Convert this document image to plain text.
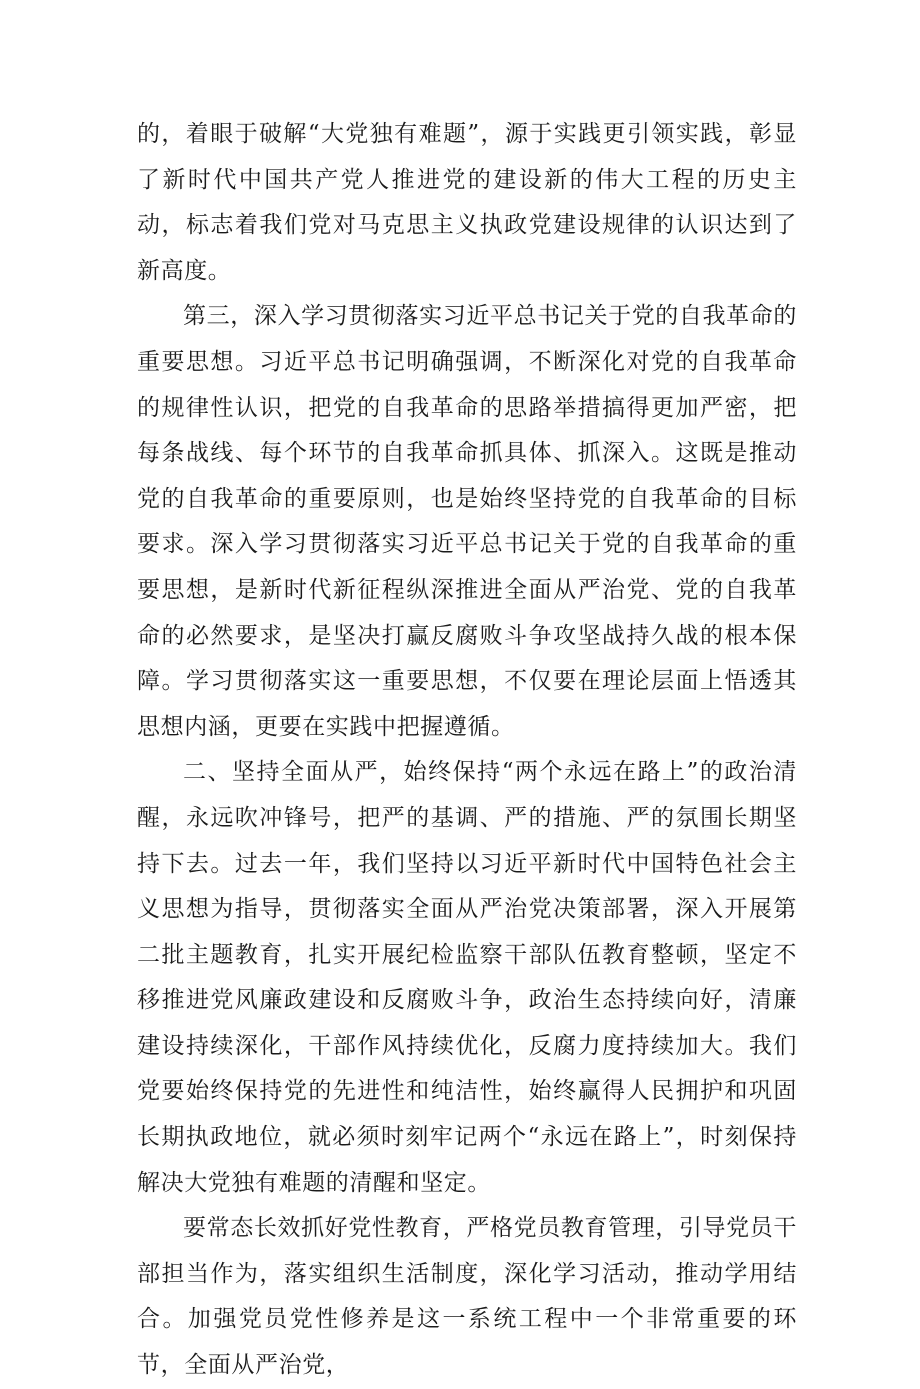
的，着眼于破解“大党独有难题”，源于实践更引领实践，彰显了新时代中国共产党人推进党的建设新的伟大工程的历史主动，标志着我们党对马克思主义执政党建设规律的认识达到了新高度。

第三，深入学习贯彻落实习近平总书记关于党的自我革命的重要思想。习近平总书记明确强调，不断深化对党的自我革命的规律性认识，把党的自我革命的思路举措搞得更加严密，把每条战线、每个环节的自我革命抓具体、抓深入。这既是推动党的自我革命的重要原则，也是始终坚持党的自我革命的目标要求。深入学习贯彻落实习近平总书记关于党的自我革命的重要思想，是新时代新征程纵深推进全面从严治党、党的自我革命的必然要求，是坚决打赢反腐败斗争攻坚战持久战的根本保障。学习贯彻落实这一重要思想，不仅要在理论层面上悟透其思想内涵，更要在实践中把握遵循。

二、坚持全面从严，始终保持“两个永远在路上”的政治清醒，永远吹冲锋号，把严的基调、严的措施、严的氛围长期坚持下去。过去一年，我们坚持以习近平新时代中国特色社会主义思想为指导，贯彻落实全面从严治党决策部署，深入开展第二批主题教育，扎实开展纪检监察干部队伍教育整顿，坚定不移推进党风廉政建设和反腐败斗争，政治生态持续向好，清廉建设持续深化，干部作风持续优化，反腐力度持续加大。我们党要始终保持党的先进性和纯洁性，始终赢得人民拥护和巩固长期执政地位，就必须时刻牢记两个“永远在路上”，时刻保持解决大党独有难题的清醒和坚定。

要常态长效抓好党性教育，严格党员教育管理，引导党员干部担当作为，落实组织生活制度，深化学习活动，推动学用结合。加强党员党性修养是这一系统工程中一个非常重要的环节，全面从严治党，
